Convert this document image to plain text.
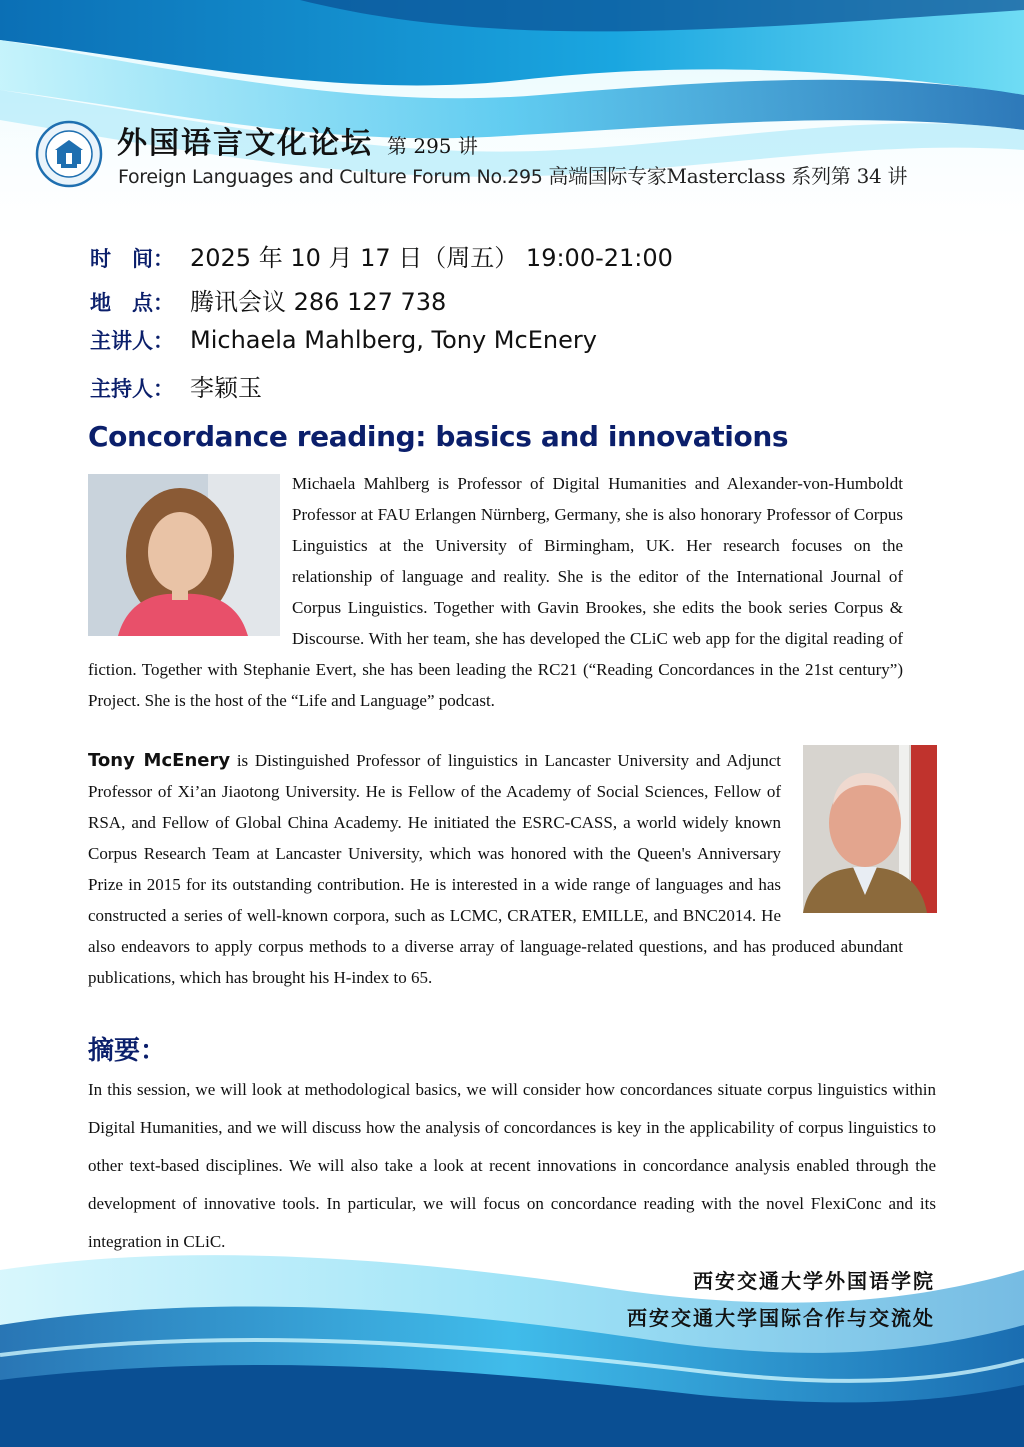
外国语言文化论坛 第 295 讲
Foreign Languages and Culture Forum No.295 高端国际专家Masterclass 系列第 34 讲
时　间： 2025 年 10 月 17 日（周五） 19:00-21:00
地　点： 腾讯会议 286 127 738
主讲人： Michaela Mahlberg, Tony McEnery
主持人： 李颖玉
Concordance reading: basics and innovations
Michaela Mahlberg is Professor of Digital Humanities and Alexander-von-Humboldt Professor at FAU Erlangen Nürnberg, Germany, she is also honorary Professor of Corpus Linguistics at the University of Birmingham, UK. Her research focuses on the relationship of language and reality. She is the editor of the International Journal of Corpus Linguistics. Together with Gavin Brookes, she edits the book series Corpus & Discourse. With her team, she has developed the CLiC web app for the digital reading of fiction. Together with Stephanie Evert, she has been leading the RC21 (“Reading Concordances in the 21st century”) Project. She is the host of the “Life and Language” podcast.
Tony McEnery is Distinguished Professor of linguistics in Lancaster University and Adjunct Professor of Xi’an Jiaotong University. He is Fellow of the Academy of Social Sciences, Fellow of RSA, and Fellow of Global China Academy. He initiated the ESRC-CASS, a world widely known Corpus Research Team at Lancaster University, which was honored with the Queen's Anniversary Prize in 2015 for its outstanding contribution. He is interested in a wide range of languages and has constructed a series of well-known corpora, such as LCMC, CRATER, EMILLE, and BNC2014. He also endeavors to apply corpus methods to a diverse array of language-related questions, and has produced abundant publications, which has brought his H-index to 65.
摘要：
In this session, we will look at methodological basics, we will consider how concordances situate corpus linguistics within Digital Humanities, and we will discuss how the analysis of concordances is key in the applicability of corpus linguistics to other text-based disciplines. We will also take a look at recent innovations in concordance analysis enabled through the development of innovative tools. In particular, we will focus on concordance reading with the novel FlexiConc and its integration in CLiC.
西安交通大学外国语学院
西安交通大学国际合作与交流处
